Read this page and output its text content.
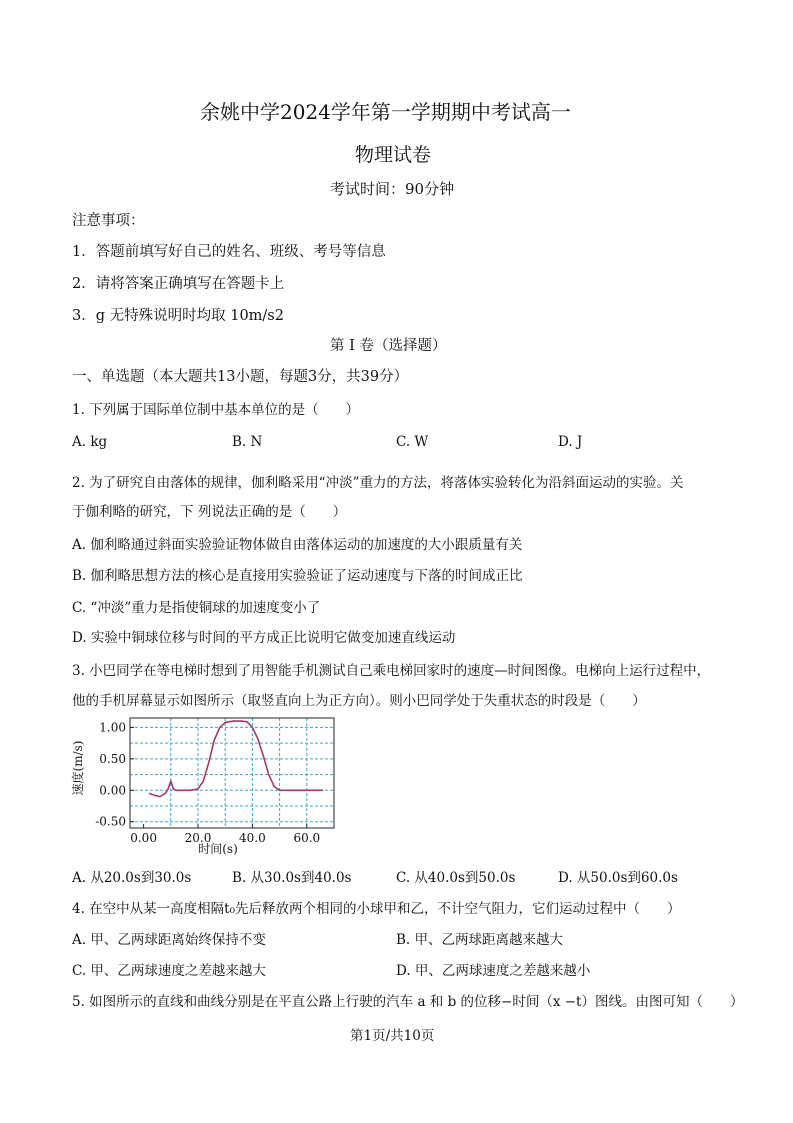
余姚中学2024学年第一学期期中考试高一
物理试卷
考试时间：90分钟
注意事项：
1．答题前填写好自己的姓名、班级、考号等信息
2．请将答案正确填写在答题卡上
3．g 无特殊说明时均取 10m/s2
第 I 卷（选择题）
一、单选题（本大题共13小题，每题3分，共39分）
1. 下列属于国际单位制中基本单位的是（　　）
A. kg	B. N	C. W	D. J
2. 为了研究自由落体的规律，伽利略采用“冲淡”重力的方法，将落体实验转化为沿斜面运动的实验。关
于伽利略的研究，下 列说法正确的是（　　）
A. 伽利略通过斜面实验验证物体做自由落体运动的加速度的大小跟质量有关
B. 伽利略思想方法的核心是直接用实验验证了运动速度与下落的时间成正比
C. “冲淡”重力是指使铜球的加速度变小了
D. 实验中铜球位移与时间的平方成正比说明它做变加速直线运动
3. 小巴同学在等电梯时想到了用智能手机测试自己乘电梯回家时的速度—时间图像。电梯向上运行过程中，
他的手机屏幕显示如图所示（取竖直向上为正方向）。则小巴同学处于失重状态的时段是（　　）
0.00 20.0 40.0 60.0
1.00
0.50
0.00
-0.50
速度(m/s)
时间(s)
A. 从20.0s到30.0s	B. 从30.0s到40.0s	C. 从40.0s到50.0s	D. 从50.0s到60.0s
4. 在空中从某一高度相隔t₀先后释放两个相同的小球甲和乙，不计空气阻力，它们运动过程中（　　）
A. 甲、乙两球距离始终保持不变	B. 甲、乙两球距离越来越大
C. 甲、乙两球速度之差越来越大	D. 甲、乙两球速度之差越来越小
5. 如图所示的直线和曲线分别是在平直公路上行驶的汽车 a 和 b 的位移−时间（x −t）图线。由图可知（　　）
第1页/共10页
